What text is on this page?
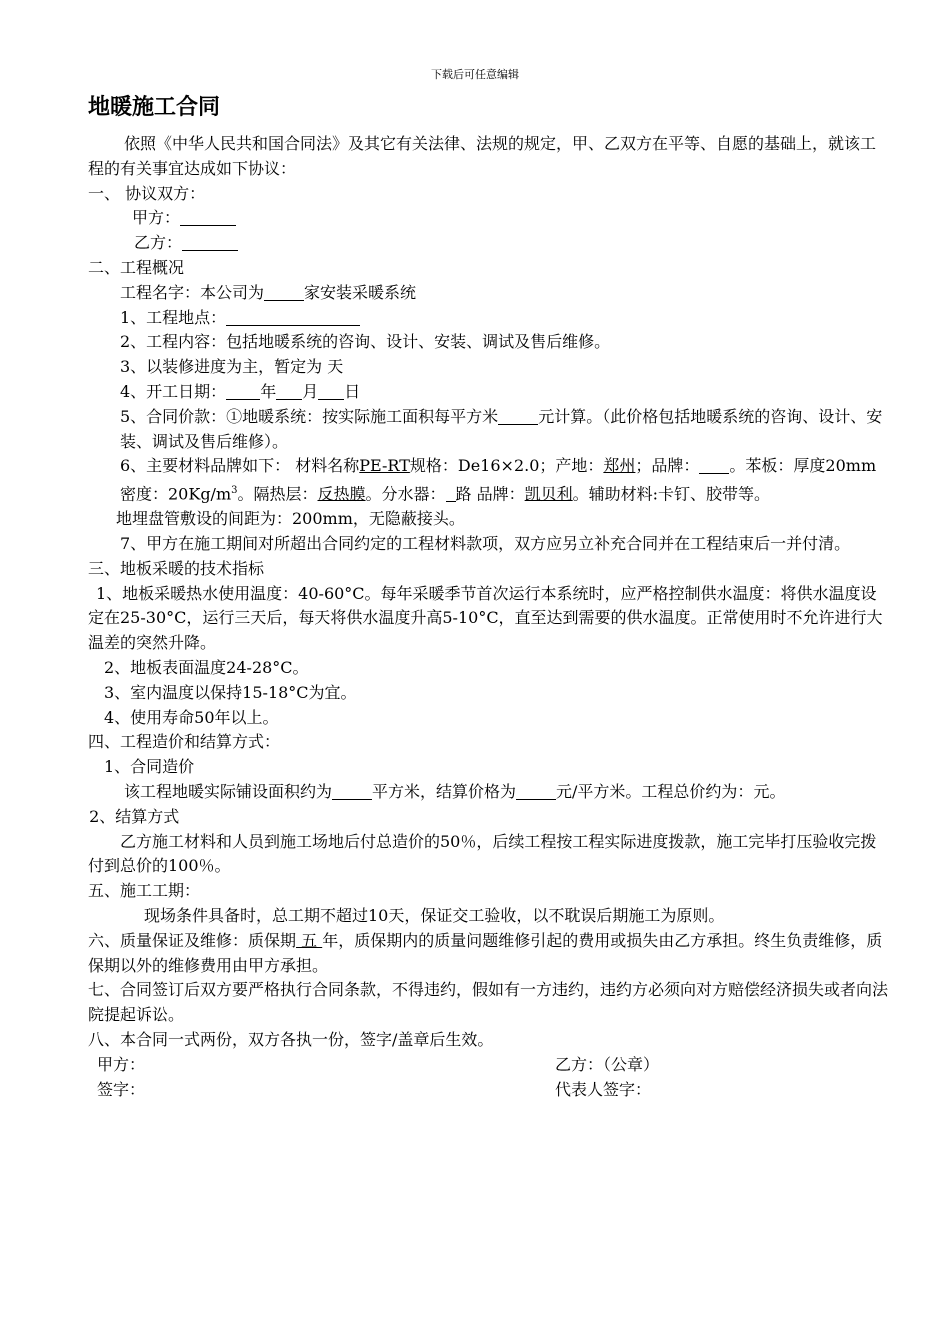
下载后可任意编辑
地暖施工合同

依照《中华人民共和国合同法》及其它有关法律、法规的规定，甲、乙双方在平等、自愿的基础上，就该工程的有关事宜达成如下协议：

一、 协议双方：

甲方：

乙方：

二、工程概况

工程名字：本公司为	家安装采暖系统

1、工程地点：

2、工程内容：包括地暖系统的咨询、设计、安装、调试及售后维修。

3、以装修进度为主，暂定为 天

4、开工日期： 年 月 日

5、合同价款：①地暖系统：按实际施工面积每平方米	元计算。（此价格包括地暖系统的咨询、设计、安装、调试及售后维修）。

6、主要材料品牌如下： 材料名称PE-RT规格：De16×2.0；产地：郑州；品牌： 。苯板：厚度20mm 密度：$20Kg/m^3$。隔热层：反热膜。分水器： 路 品牌：凯贝利。辅助材料:卡钉、胶带等。

地埋盘管敷设的间距为：200mm，无隐蔽接头。

7、甲方在施工期间对所超出合同约定的工程材料款项，双方应另立补充合同并在工程结束后一并付清。

三、地板采暖的技术指标

1、地板采暖热水使用温度：40-60°C。每年采暖季节首次运行本系统时，应严格控制供水温度：将供水温度设定在25-30°C，运行三天后，每天将供水温度升高5-10°C，直至达到需要的供水温度。正常使用时不允许进行大温差的突然升降。

2、地板表面温度24-28°C。

3、室内温度以保持15-18°C为宜。

4、使用寿命50年以上。

四、工程造价和结算方式：

1、合同造价

该工程地暖实际铺设面积约为	平方米，结算价格为	元/平方米。工程总价约为：元。

2、结算方式

乙方施工材料和人员到施工场地后付总造价的50％，后续工程按工程实际进度拨款，施工完毕打压验收完拨付到总价的100％。

五、施工工期：

现场条件具备时，总工期不超过10天，保证交工验收，以不耽误后期施工为原则。

六、质量保证及维修：质保期 五 年，质保期内的质量问题维修引起的费用或损失由乙方承担。终生负责维修，质保期以外的维修费用由甲方承担。

七、合同签订后双方要严格执行合同条款，不得违约，假如有一方违约，违约方必须向对方赔偿经济损失或者向法院提起诉讼。

八、本合同一式两份，双方各执一份，签字/盖章后生效。

甲方：	乙方：（公章）
签字：	代表人签字：
